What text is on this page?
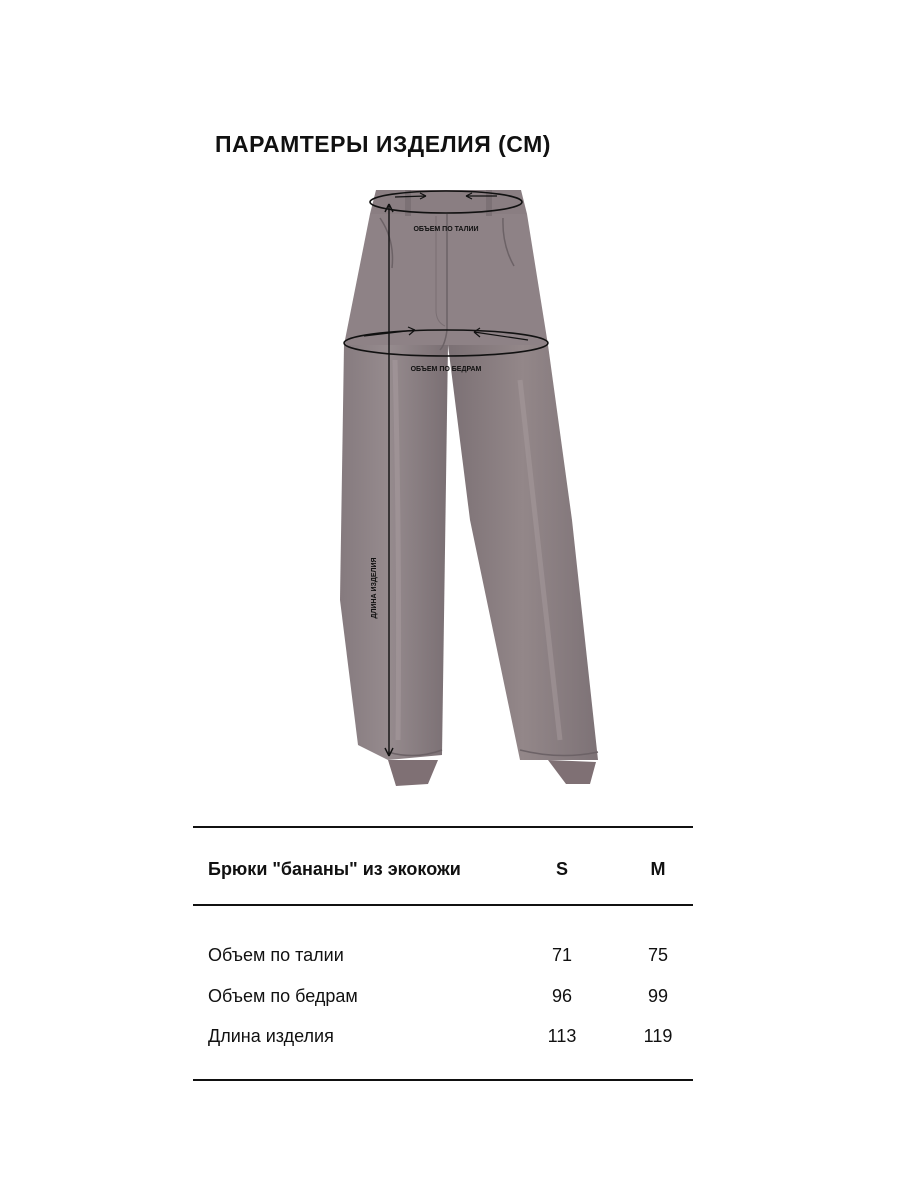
ПАРАМТЕРЫ ИЗДЕЛИЯ (СМ)
ОБЪЕМ ПО ТАЛИИ
ОБЪЕМ ПО БЕДРАМ
ДЛИНА ИЗДЕЛИЯ
Брюки "бананы" из экокожи	S	M
Объем по талии	71	75
Объем по бедрам	96	99
Длина изделия	113	119
